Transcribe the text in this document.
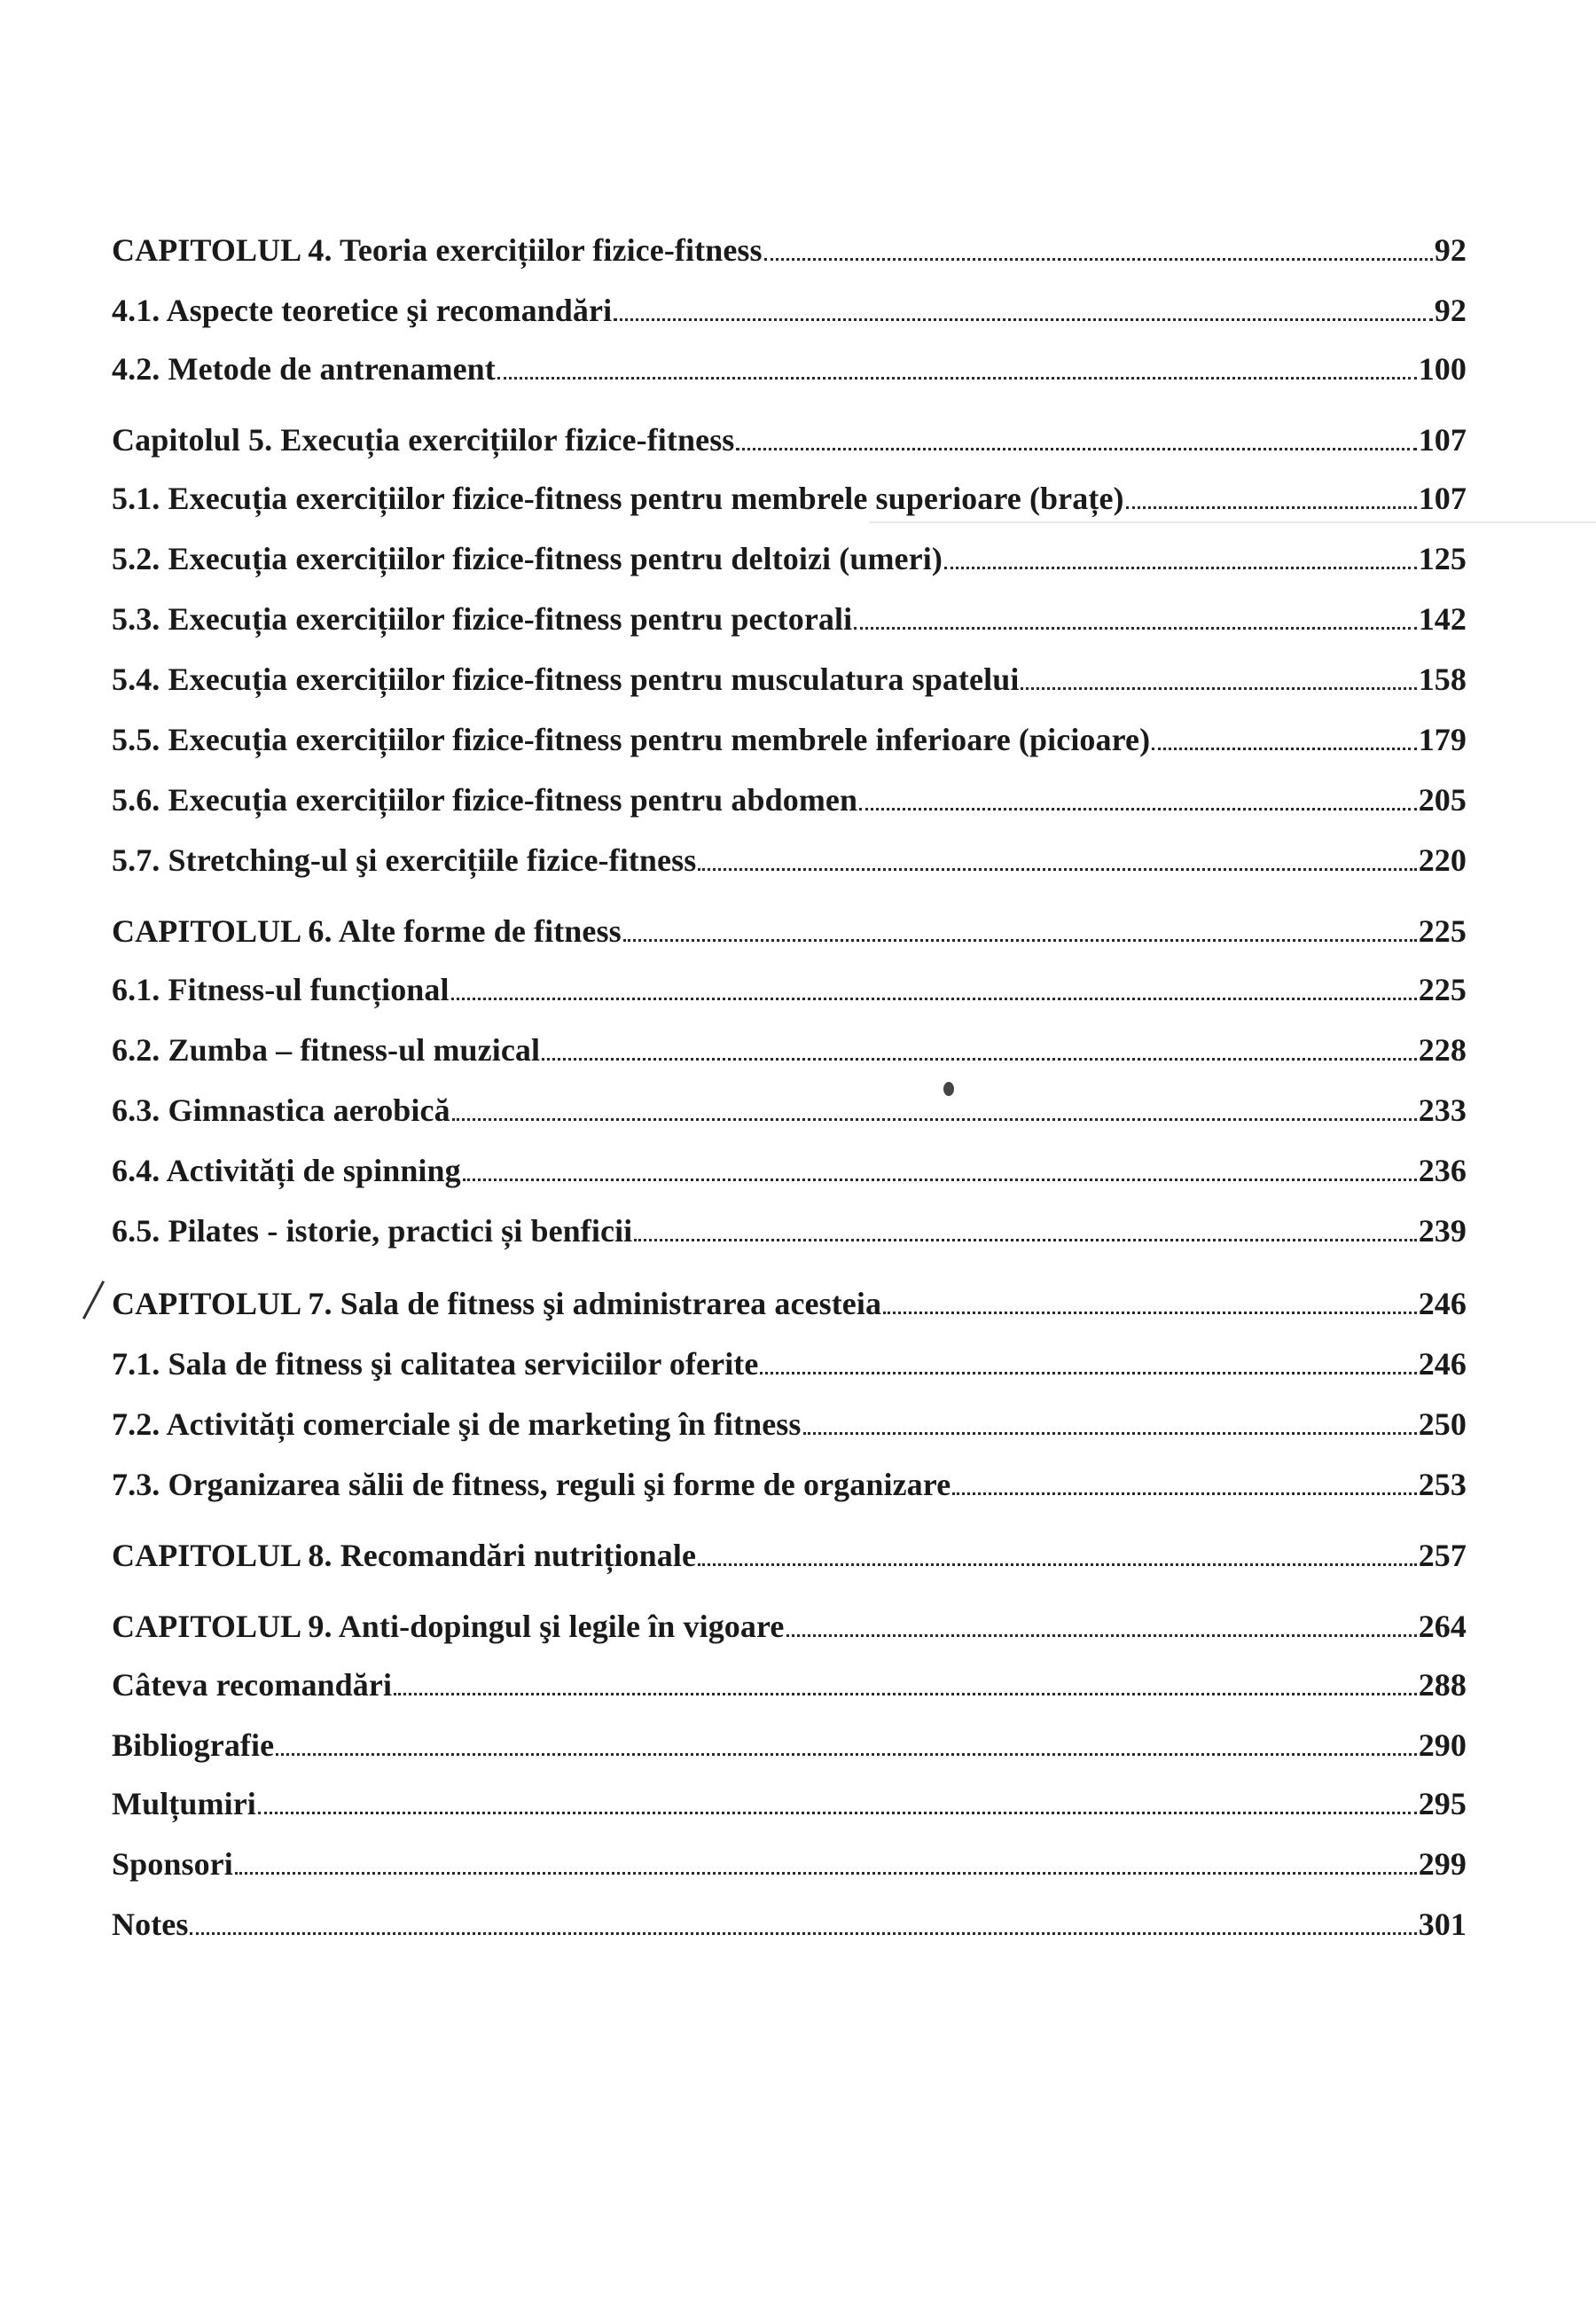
CAPITOLUL 4. Teoria exercițiilor fizice-fitness	92
4.1. Aspecte teoretice şi recomandări	92
4.2. Metode de antrenament	100
Capitolul 5. Execuția exercițiilor fizice-fitness	107
5.1. Execuția exercițiilor fizice-fitness pentru membrele superioare (brațe)	107
5.2. Execuția exercițiilor fizice-fitness pentru deltoizi (umeri)	125
5.3. Execuția exercițiilor fizice-fitness pentru pectorali	142
5.4. Execuția exercițiilor fizice-fitness pentru musculatura spatelui	158
5.5. Execuția exercițiilor fizice-fitness pentru membrele inferioare (picioare)	179
5.6. Execuția exercițiilor fizice-fitness pentru abdomen	205
5.7. Stretching-ul şi exercițiile fizice-fitness	220
CAPITOLUL 6. Alte forme de fitness	225
6.1. Fitness-ul funcțional	225
6.2. Zumba – fitness-ul muzical	228
6.3. Gimnastica aerobică	233
6.4. Activități de spinning	236
6.5. Pilates - istorie, practici și benficii	239
CAPITOLUL 7. Sala de fitness şi administrarea acesteia	246
7.1. Sala de fitness şi calitatea serviciilor oferite	246
7.2. Activități comerciale şi de marketing în fitness	250
7.3. Organizarea sălii de fitness, reguli şi forme de organizare	253
CAPITOLUL 8. Recomandări nutriționale	257
CAPITOLUL 9. Anti-dopingul şi legile în vigoare	264
Câteva recomandări	288
Bibliografie	290
Mulțumiri	295
Sponsori	299
Notes	301
